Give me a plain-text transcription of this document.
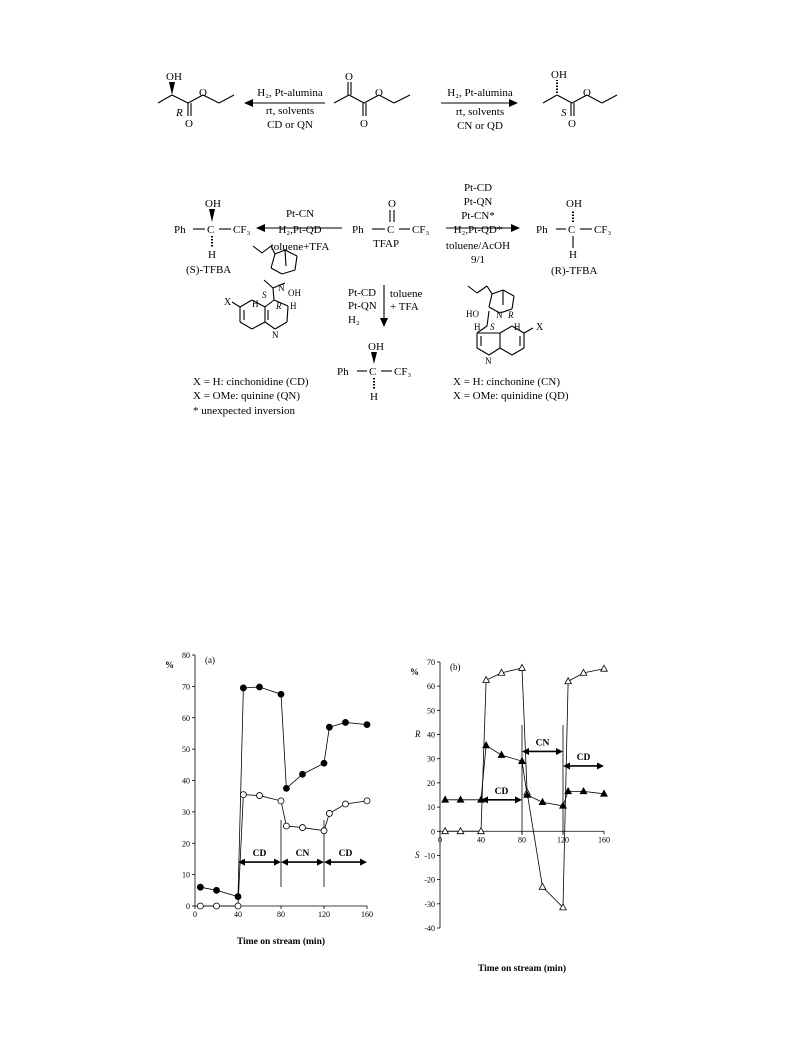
OH
R
O
O
O
O
O
OH
S
O
O
H₂, Pt-alumina
rt, solvents
CD or QN
H₂, Pt-alumina
rt, solvents
CN or QD
OH
Ph C CF₃
H
(S)-TFBA
O
Ph C CF₃
TFAP
OH
Ph C CF₃
H
(R)-TFBA
Pt-CN
H₂,Pt-QD
toluene+TFA
Pt-CD
Pt-QN
Pt-CN*
H₂,Pt-QD*
toluene/AcOH
9/1
Pt-CD
Pt-QN
H₂
toluene
+ TFA
OH
Ph C CF₃
H
N
S OH
H R H
X
N
X = H: cinchonidine (CD)
X = OMe: quinine (QN)
* unexpected inversion
HO N R
H S H X
N
X = H: cinchonine (CN)
X = OMe: quinidine (QD)
0
10
20
30
40
50
60
70
80
0	40	80	120	160
(a)
%
Time on stream (min)
CD	CN	CD
-40
-30
-20
-10
0
10
20
30
40
50
60
70
0	40	80	120	160
(b)
%
R
S
Time on stream (min)
CD
CN
CD
